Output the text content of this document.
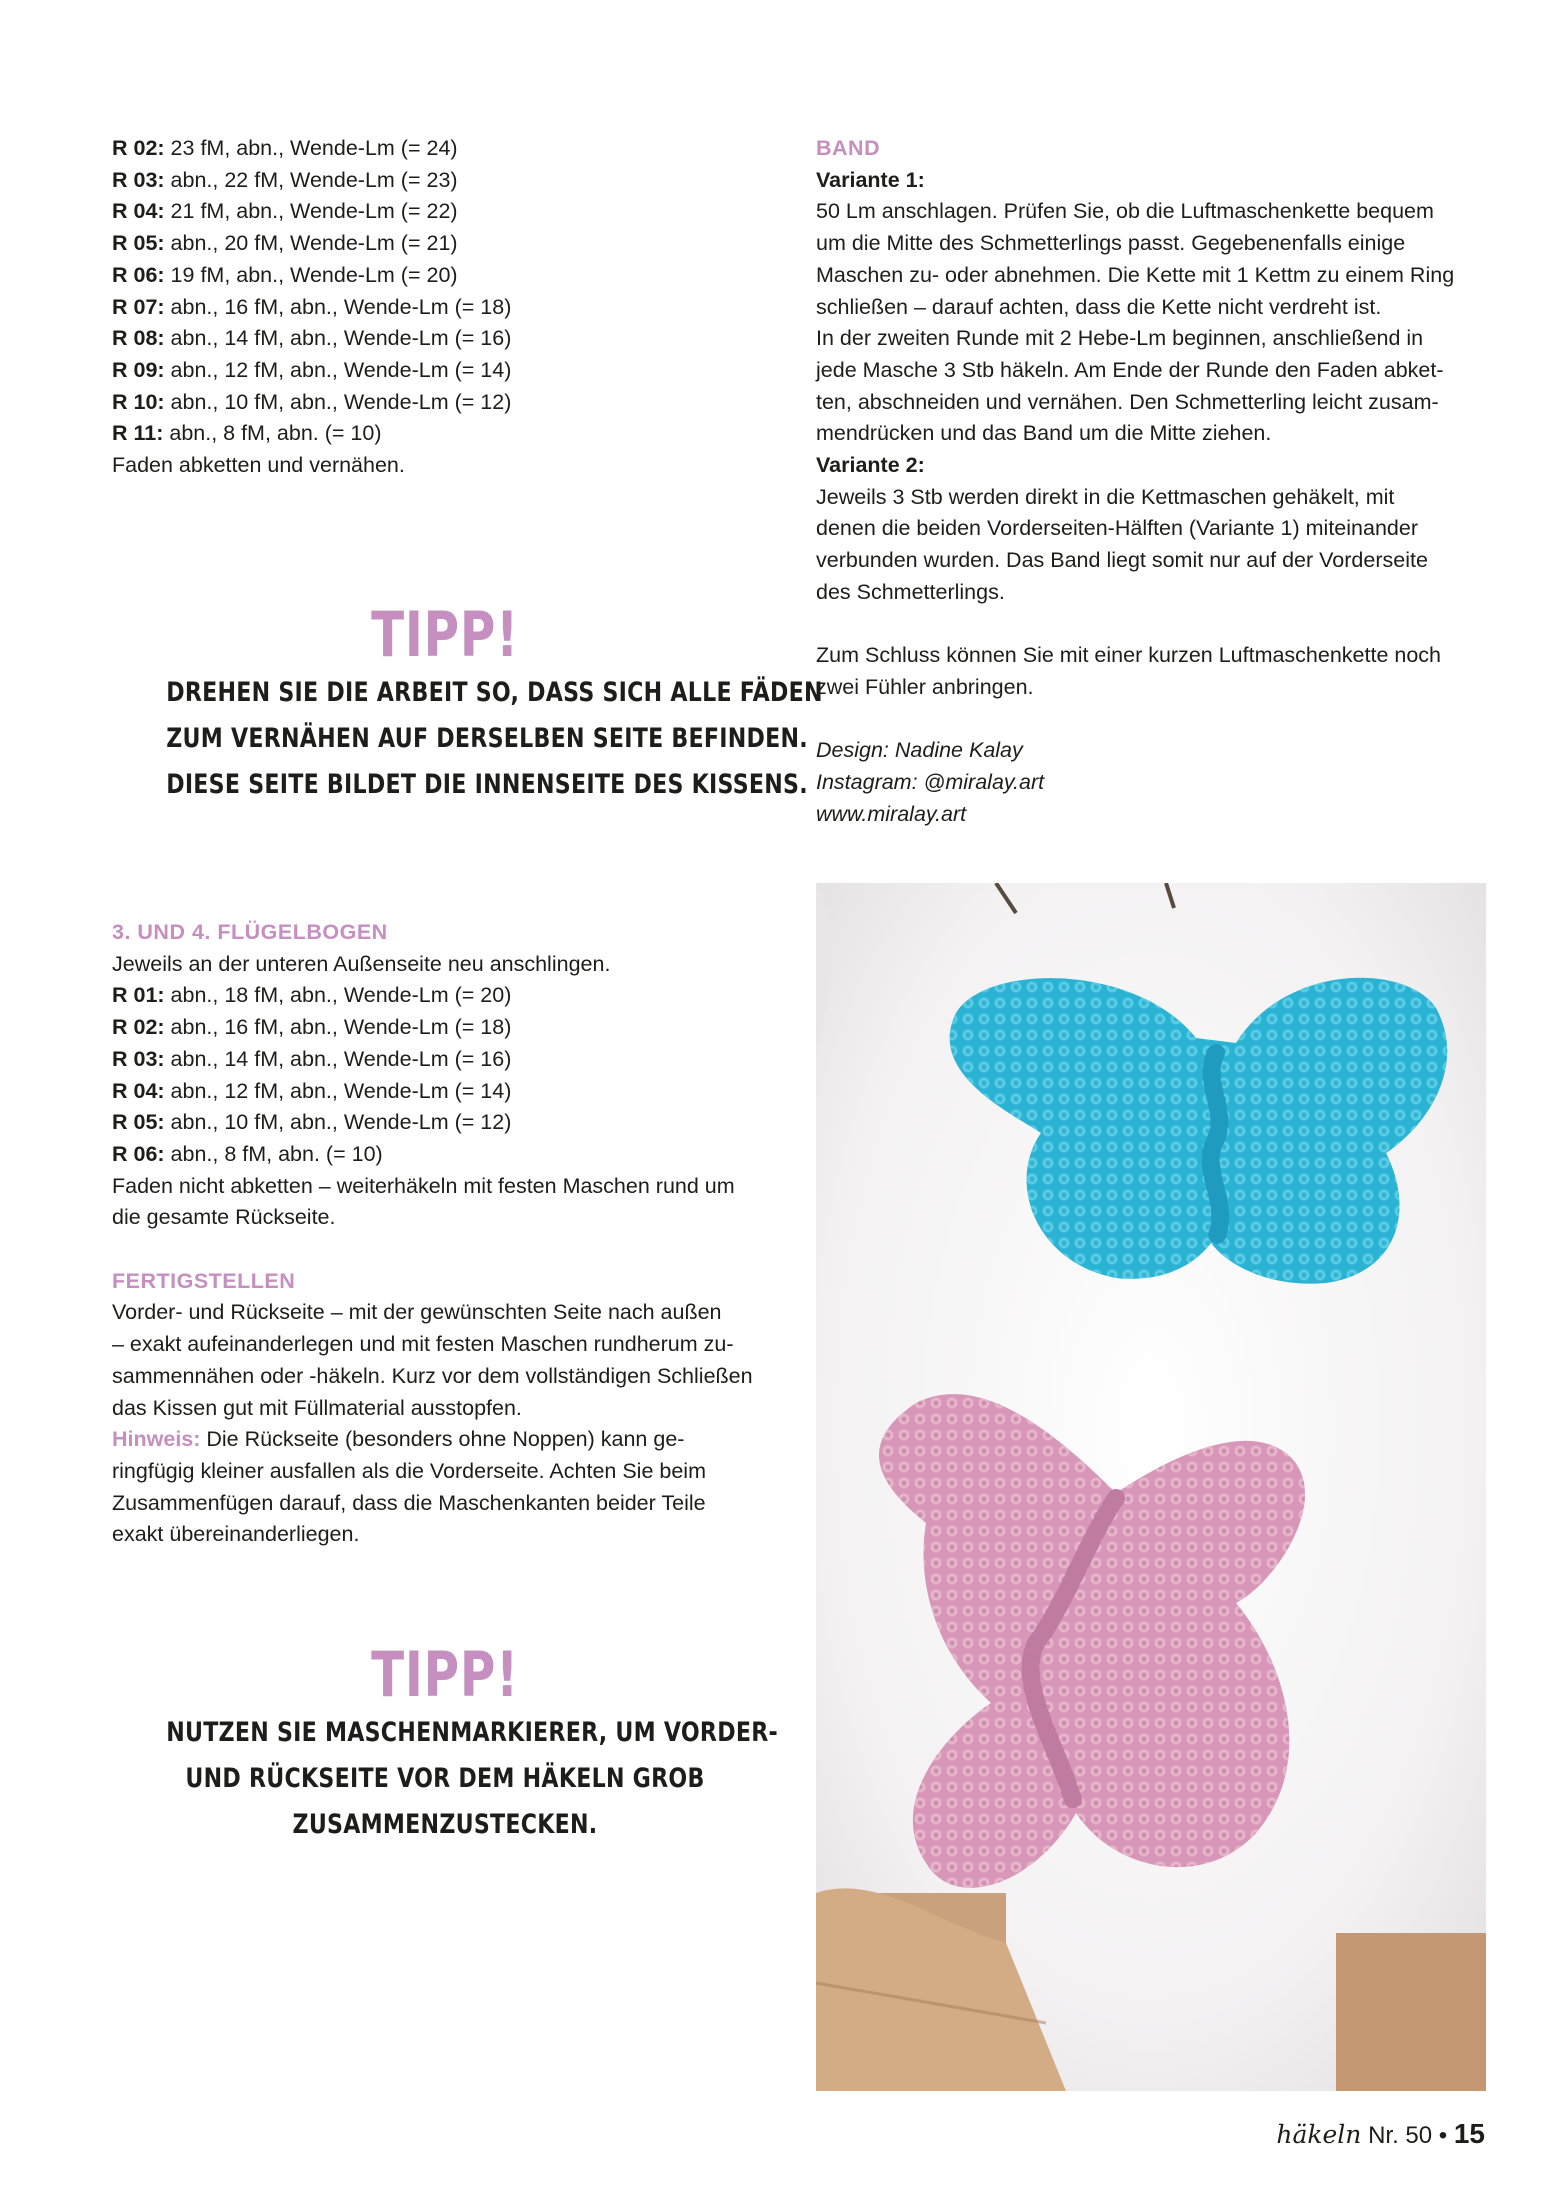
R 02: 23 fM, abn., Wende-Lm (= 24)

R 03: abn., 22 fM, Wende-Lm (= 23)

R 04: 21 fM, abn., Wende-Lm (= 22)

R 05: abn., 20 fM, Wende-Lm (= 21)

R 06: 19 fM, abn., Wende-Lm (= 20)

R 07: abn., 16 fM, abn., Wende-Lm (= 18)

R 08: abn., 14 fM, abn., Wende-Lm (= 16)

R 09: abn., 12 fM, abn., Wende-Lm (= 14)

R 10: abn., 10 fM, abn., Wende-Lm (= 12)

R 11: abn., 8 fM, abn. (= 10)

Faden abketten und vernähen.

TIPP!
DREHEN SIE DIE ARBEIT SO, DASS SICH ALLE FÄDEN
ZUM VERNÄHEN AUF DERSELBEN SEITE BEFINDEN.
DIESE SEITE BILDET DIE INNENSEITE DES KISSENS.

BAND

Variante 1:

50 Lm anschlagen. Prüfen Sie, ob die Luftmaschenkette bequem

um die Mitte des Schmetterlings passt. Gegebenenfalls einige

Maschen zu- oder abnehmen. Die Kette mit 1 Kettm zu einem Ring

schließen – darauf achten, dass die Kette nicht verdreht ist.

In der zweiten Runde mit 2 Hebe-Lm beginnen, anschließend in

jede Masche 3 Stb häkeln. Am Ende der Runde den Faden abket-

ten, abschneiden und vernähen. Den Schmetterling leicht zusam-

mendrücken und das Band um die Mitte ziehen.

Variante 2:

Jeweils 3 Stb werden direkt in die Kettmaschen gehäkelt, mit

denen die beiden Vorderseiten-Hälften (Variante 1) miteinander

verbunden wurden. Das Band liegt somit nur auf der Vorderseite

des Schmetterlings.

Zum Schluss können Sie mit einer kurzen Luftmaschenkette noch

zwei Fühler anbringen.

Design: Nadine Kalay

Instagram: @miralay.art

www.miralay.art

3. UND 4. FLÜGELBOGEN

Jeweils an der unteren Außenseite neu anschlingen.

R 01: abn., 18 fM, abn., Wende-Lm (= 20)

R 02: abn., 16 fM, abn., Wende-Lm (= 18)

R 03: abn., 14 fM, abn., Wende-Lm (= 16)

R 04: abn., 12 fM, abn., Wende-Lm (= 14)

R 05: abn., 10 fM, abn., Wende-Lm (= 12)

R 06: abn., 8 fM, abn. (= 10)

Faden nicht abketten – weiterhäkeln mit festen Maschen rund um

die gesamte Rückseite.

FERTIGSTELLEN

Vorder- und Rückseite – mit der gewünschten Seite nach außen

– exakt aufeinanderlegen und mit festen Maschen rundherum zu-

sammennähen oder -häkeln. Kurz vor dem vollständigen Schließen

das Kissen gut mit Füllmaterial ausstopfen.

Hinweis: Die Rückseite (besonders ohne Noppen) kann ge-

ringfügig kleiner ausfallen als die Vorderseite. Achten Sie beim

Zusammenfügen darauf, dass die Maschenkanten beider Teile

exakt übereinanderliegen.

TIPP!
NUTZEN SIE MASCHENMARKIERER, UM VORDER-
UND RÜCKSEITE VOR DEM HÄKELN GROB
ZUSAMMENZUSTECKEN.
häkeln Nr. 50 • 15
